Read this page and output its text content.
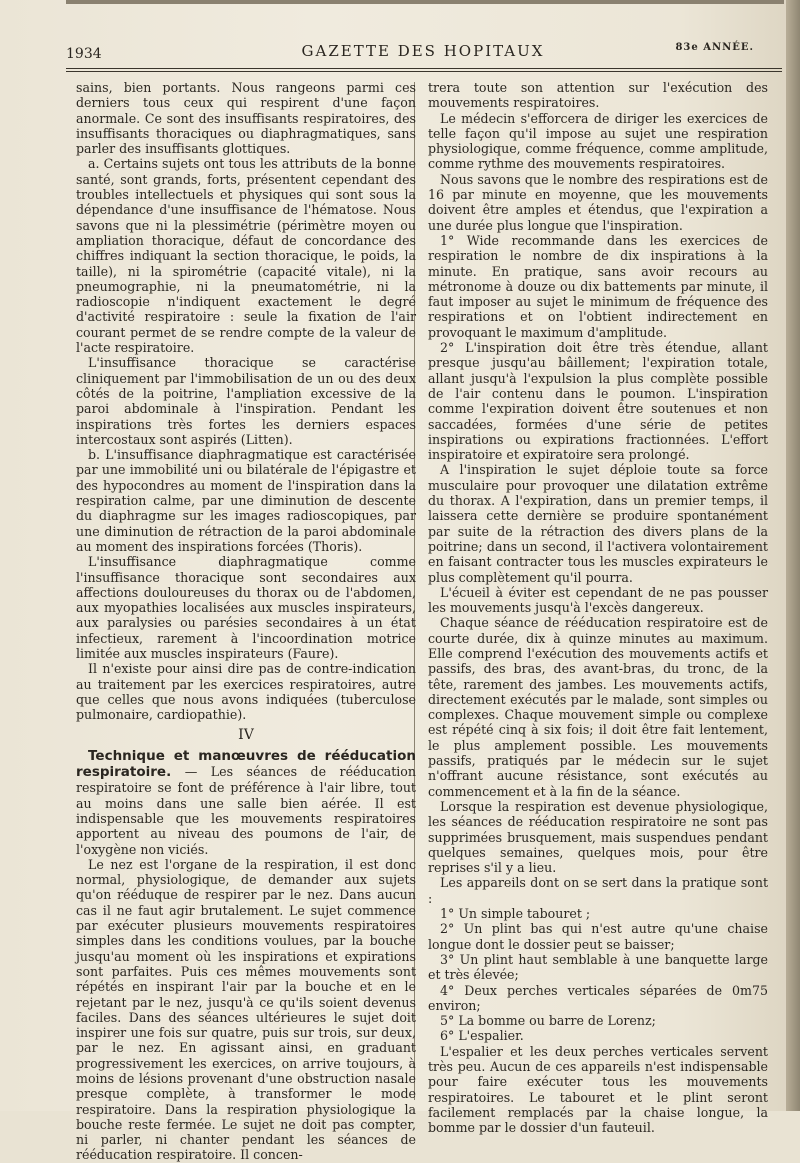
1934	GAZETTE DES HOPITAUX	83e ANNÉE.

sains, bien portants. Nous rangeons parmi ces derniers tous ceux qui respirent d'une façon anormale. Ce sont des insuffisants respiratoires, des insuffisants thoraciques ou diaphragmatiques, sans parler des insuffisants glottiques.

a. Certains sujets ont tous les attributs de la bonne santé, sont grands, forts, présentent cependant des troubles intellectuels et physiques qui sont sous la dépendance d'une insuffisance de l'hématose. Nous savons que ni la plessimétrie (périmètre moyen ou ampliation thoracique, défaut de concordance des chiffres indiquant la section thoracique, le poids, la taille), ni la spirométrie (capacité vitale), ni la pneumographie, ni la pneumatométrie, ni la radioscopie n'indiquent exactement le degré d'activité respiratoire : seule la fixation de l'air courant permet de se rendre compte de la valeur de l'acte respiratoire.

L'insuffisance thoracique se caractérise cliniquement par l'immobilisation de un ou des deux côtés de la poitrine, l'ampliation excessive de la paroi abdominale à l'inspiration. Pendant les inspirations très fortes les derniers espaces intercostaux sont aspirés (Litten).

b. L'insuffisance diaphragmatique est caractérisée par une immobilité uni ou bilatérale de l'épigastre et des hypocondres au moment de l'inspiration dans la respiration calme, par une diminution de descente du diaphragme sur les images radioscopiques, par une diminution de rétraction de la paroi abdominale au moment des inspirations forcées (Thoris).

L'insuffisance diaphragmatique comme l'insuffisance thoracique sont secondaires aux affections douloureuses du thorax ou de l'abdomen, aux myopathies localisées aux muscles inspirateurs, aux paralysies ou parésies secondaires à un état infectieux, rarement à l'incoordination motrice limitée aux muscles inspirateurs (Faure).

Il n'existe pour ainsi dire pas de contre-indication au traitement par les exercices respiratoires, autre que celles que nous avons indiquées (tuberculose pulmonaire, cardiopathie).

IV

Technique et manœuvres de rééducation respiratoire. — Les séances de rééducation respiratoire se font de préférence à l'air libre, tout au moins dans une salle bien aérée. Il est indispensable que les mouvements respiratoires apportent au niveau des poumons de l'air, de l'oxygène non viciés.

Le nez est l'organe de la respiration, il est donc normal, physiologique, de demander aux sujets qu'on rééduque de respirer par le nez. Dans aucun cas il ne faut agir brutalement. Le sujet commence par exécuter plusieurs mouvements respiratoires simples dans les conditions voulues, par la bouche jusqu'au moment où les inspirations et expirations sont parfaites. Puis ces mêmes mouvements sont répétés en inspirant l'air par la bouche et en le rejetant par le nez, jusqu'à ce qu'ils soient devenus faciles. Dans des séances ultérieures le sujet doit inspirer une fois sur quatre, puis sur trois, sur deux, par le nez. En agissant ainsi, en graduant progressivement les exercices, on arrive toujours, à moins de lésions provenant d'une obstruction nasale presque complète, à transformer le mode respiratoire. Dans la respiration physiologique la bouche reste fermée. Le sujet ne doit pas compter, ni parler, ni chanter pendant les séances de rééducation respiratoire. Il concen-

trera toute son attention sur l'exécution des mouvements respiratoires.

Le médecin s'efforcera de diriger les exercices de telle façon qu'il impose au sujet une respiration physiologique, comme fréquence, comme amplitude, comme rythme des mouvements respiratoires.

Nous savons que le nombre des respirations est de 16 par minute en moyenne, que les mouvements doivent être amples et étendus, que l'expiration a une durée plus longue que l'inspiration.

1° Wide recommande dans les exercices de respiration le nombre de dix inspirations à la minute. En pratique, sans avoir recours au métronome à douze ou dix battements par minute, il faut imposer au sujet le minimum de fréquence des respirations et on l'obtient indirectement en provoquant le maximum d'amplitude.

2° L'inspiration doit être très étendue, allant presque jusqu'au bâillement; l'expiration totale, allant jusqu'à l'expulsion la plus complète possible de l'air contenu dans le poumon. L'inspiration comme l'expiration doivent être soutenues et non saccadées, formées d'une série de petites inspirations ou expirations fractionnées. L'effort inspiratoire et expiratoire sera prolongé.

A l'inspiration le sujet déploie toute sa force musculaire pour provoquer une dilatation extrême du thorax. A l'expiration, dans un premier temps, il laissera cette dernière se produire spontanément par suite de la rétraction des divers plans de la poitrine; dans un second, il l'activera volontairement en faisant contracter tous les muscles expirateurs le plus complètement qu'il pourra.

L'écueil à éviter est cependant de ne pas pousser les mouvements jusqu'à l'excès dangereux.

Chaque séance de rééducation respiratoire est de courte durée, dix à quinze minutes au maximum. Elle comprend l'exécution des mouvements actifs et passifs, des bras, des avant-bras, du tronc, de la tête, rarement des jambes. Les mouvements actifs, directement exécutés par le malade, sont simples ou complexes. Chaque mouvement simple ou complexe est répété cinq à six fois; il doit être fait lentement, le plus amplement possible. Les mouvements passifs, pratiqués par le médecin sur le sujet n'offrant aucune résistance, sont exécutés au commencement et à la fin de la séance.

Lorsque la respiration est devenue physiologique, les séances de rééducation respiratoire ne sont pas supprimées brusquement, mais suspendues pendant quelques semaines, quelques mois, pour être reprises s'il y a lieu.

Les appareils dont on se sert dans la pratique sont :

1° Un simple tabouret ;

2° Un plint bas qui n'est autre qu'une chaise longue dont le dossier peut se baisser;

3° Un plint haut semblable à une banquette large et très élevée;

4° Deux perches verticales séparées de 0m75 environ;

5° La bomme ou barre de Lorenz;

6° L'espalier.

L'espalier et les deux perches verticales servent très peu. Aucun de ces appareils n'est indispensable pour faire exécuter tous les mouvements respiratoires. Le tabouret et le plint seront facilement remplacés par la chaise longue, la bomme par le dossier d'un fauteuil.
